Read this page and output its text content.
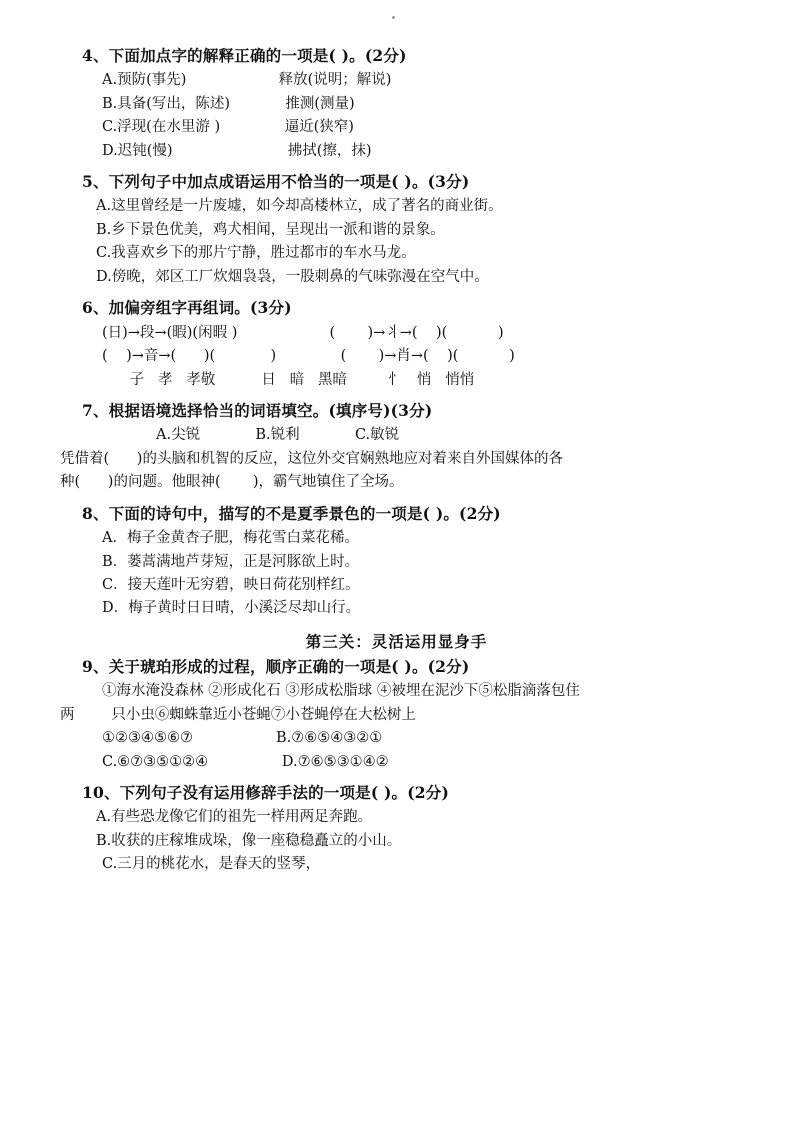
4、下面加点字的解释正确的一项是( )。(2分)
A.预防(事先)                    释放(说明；解说)
B.具备(写出，陈述)            推测(测量)
C.浮现(在水里游 )              逼近(狭窄)
D.迟钝(慢)                         拂拭(擦，抹)
5、下列句子中加点成语运用不恰当的一项是( )。(3分)
A.这里曾经是一片废墟，如今却高楼林立，成了著名的商业街。
B.乡下景色优美，鸡犬相闻，呈现出一派和谐的景象。
C.我喜欢乡下的那片宁静，胜过都市的车水马龙。
D.傍晚，郊区工厂炊烟袅袅，一股刺鼻的气味弥漫在空气中。
6、加偏旁组字再组词。(3分)
(日)→段→(暇)(闲暇 )                    (       )→丬→(    )(           )
(    )→音→(      )(            )              (       )→肖→(    )(           )
子   孝   孝敬          日   暗   黑暗         忄   悄   悄悄
7、根据语境选择恰当的词语填空。(填序号)(3分)
A.尖锐            B.锐利            C.敏锐
凭借着(      )的头脑和机智的反应，这位外交官娴熟地应对着来自外国媒体的各
种(      )的问题。他眼神(       )，霸气地镇住了全场。
8、下面的诗句中，描写的不是夏季景色的一项是( )。(2分)
A．梅子金黄杏子肥，梅花雪白菜花稀。
B．蒌蒿满地芦芽短，正是河豚欲上时。
C．接天莲叶无穷碧，映日荷花别样红。
D．梅子黄时日日晴，小溪泛尽却山行。
第三关：灵活运用显身手
9、关于琥珀形成的过程，顺序正确的一项是( )。(2分)
①海水淹没森林 ②形成化石 ③形成松脂球 ④被埋在泥沙下⑤松脂滴落包住
两        只小虫⑥蜘蛛靠近小苍蝇⑦小苍蝇停在大松树上
①②③④⑤⑥⑦                  B.⑦⑥⑤④③②①
C.⑥⑦③⑤①②④                D.⑦⑥⑤③①④②
10、下列句子没有运用修辞手法的一项是( )。(2分)
A.有些恐龙像它们的祖先一样用两足奔跑。
B.收获的庄稼堆成垛，像一座稳稳矗立的小山。
C.三月的桃花水，是春天的竖琴，
